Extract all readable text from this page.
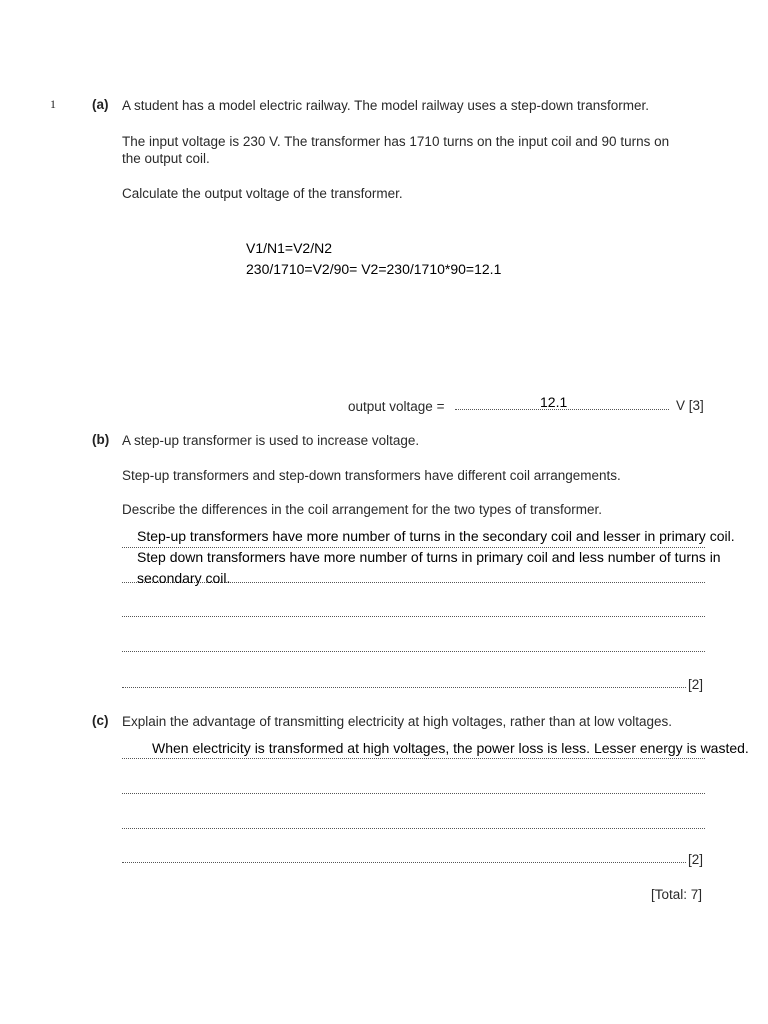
1	(a) A student has a model electric railway. The model railway uses a step-down transformer.
The input voltage is 230 V. The transformer has 1710 turns on the input coil and 90 turns on
the output coil.
Calculate the output voltage of the transformer.
V1/N1=V2/N2
230/1710=V2/90= V2=230/1710*90=12.1
output voltage =	12.1	V [3]
(b) A step-up transformer is used to increase voltage.
Step-up transformers and step-down transformers have different coil arrangements.
Describe the differences in the coil arrangement for the two types of transformer.
[2]
Step-up transformers have more number of turns in the secondary coil and lesser in primary coil. Step down transformers have more number of turns in primary coil and less number of turns in secondary coil.
(c) Explain the advantage of transmitting electricity at high voltages, rather than at low voltages.
[2]
When electricity is transformed at high voltages, the power loss is less. Lesser energy is wasted.
[Total: 7]
